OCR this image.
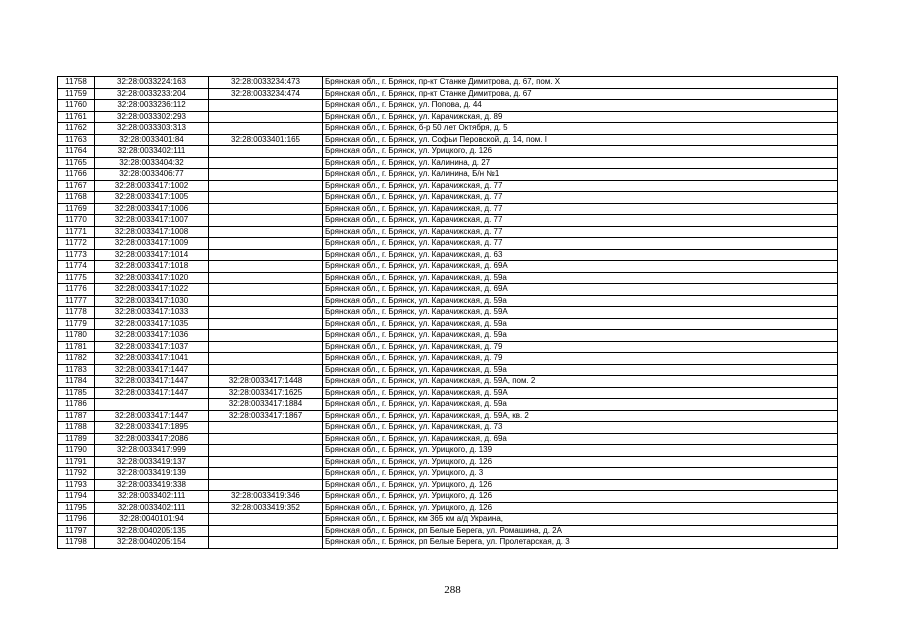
11758	32:28:0033224:163	32:28:0033234:473	Брянская обл., г. Брянск, пр-кт Станке Димитрова, д. 67, пом. X
11759	32:28:0033233:204	32:28:0033234:474	Брянская обл., г. Брянск, пр-кт Станке Димитрова, д. 67
11760	32:28:0033236:112		Брянская обл., г. Брянск, ул. Попова, д. 44
11761	32:28:0033302:293		Брянская обл., г. Брянск, ул. Карачижская, д. 89
11762	32:28:0033303:313		Брянская обл., г. Брянск, б-р 50 лет Октября, д. 5
11763	32:28:0033401:84	32:28:0033401:165	Брянская обл., г. Брянск, ул. Софьи Перовской, д. 14, пом. I
11764	32:28:0033402:111		Брянская обл., г. Брянск, ул. Урицкого, д. 126
11765	32:28:0033404:32		Брянская обл., г. Брянск, ул. Калинина, д. 27
11766	32:28:0033406:77		Брянская обл., г. Брянск, ул. Калинина, Б/н №1
11767	32:28:0033417:1002		Брянская обл., г. Брянск, ул. Карачижская, д. 77
11768	32:28:0033417:1005		Брянская обл., г. Брянск, ул. Карачижская, д. 77
11769	32:28:0033417:1006		Брянская обл., г. Брянск, ул. Карачижская, д. 77
11770	32:28:0033417:1007		Брянская обл., г. Брянск, ул. Карачижская, д. 77
11771	32:28:0033417:1008		Брянская обл., г. Брянск, ул. Карачижская, д. 77
11772	32:28:0033417:1009		Брянская обл., г. Брянск, ул. Карачижская, д. 77
11773	32:28:0033417:1014		Брянская обл., г. Брянск, ул. Карачижская, д. 63
11774	32:28:0033417:1018		Брянская обл., г. Брянск, ул. Карачижская, д. 69А
11775	32:28:0033417:1020		Брянская обл., г. Брянск, ул. Карачижская, д. 59а
11776	32:28:0033417:1022		Брянская обл., г. Брянск, ул. Карачижская, д. 69А
11777	32:28:0033417:1030		Брянская обл., г. Брянск, ул. Карачижская, д. 59а
11778	32:28:0033417:1033		Брянская обл., г. Брянск, ул. Карачижская, д. 59А
11779	32:28:0033417:1035		Брянская обл., г. Брянск, ул. Карачижская, д. 59а
11780	32:28:0033417:1036		Брянская обл., г. Брянск, ул. Карачижская, д. 59а
11781	32:28:0033417:1037		Брянская обл., г. Брянск, ул. Карачижская, д. 79
11782	32:28:0033417:1041		Брянская обл., г. Брянск, ул. Карачижская, д. 79
11783	32:28:0033417:1447		Брянская обл., г. Брянск, ул. Карачижская, д. 59а
11784	32:28:0033417:1447	32:28:0033417:1448	Брянская обл., г. Брянск, ул. Карачижская, д. 59А, пом. 2
11785	32:28:0033417:1447	32:28:0033417:1625	Брянская обл., г. Брянск, ул. Карачижская, д. 59А
11786		32:28:0033417:1884	Брянская обл., г. Брянск, ул. Карачижская, д. 59а
11787	32:28:0033417:1447	32:28:0033417:1867	Брянская обл., г. Брянск, ул. Карачижская, д. 59А, кв. 2
11788	32:28:0033417:1895		Брянская обл., г. Брянск, ул. Карачижская, д. 73
11789	32:28:0033417:2086		Брянская обл., г. Брянск, ул. Карачижская, д. 69а
11790	32:28:0033417:999		Брянская обл., г. Брянск, ул. Урицкого, д. 139
11791	32:28:0033419:137		Брянская обл., г. Брянск, ул. Урицкого, д. 126
11792	32:28:0033419:139		Брянская обл., г. Брянск, ул. Урицкого, д. 3
11793	32:28:0033419:338		Брянская обл., г. Брянск, ул. Урицкого, д. 126
11794	32:28:0033402:111	32:28:0033419:346	Брянская обл., г. Брянск, ул. Урицкого, д. 126
11795	32:28:0033402:111	32:28:0033419:352	Брянская обл., г. Брянск, ул. Урицкого, д. 126
11796	32:28:0040101:94		Брянская обл., г. Брянск, км 365 км а/д Украина,
11797	32:28:0040205:135		Брянская обл., г. Брянск, рп Белые Берега, ул. Ромашина, д. 2А
11798	32:28:0040205:154		Брянская обл., г. Брянск, рп Белые Берега, ул. Пролетарская, д. 3
288
